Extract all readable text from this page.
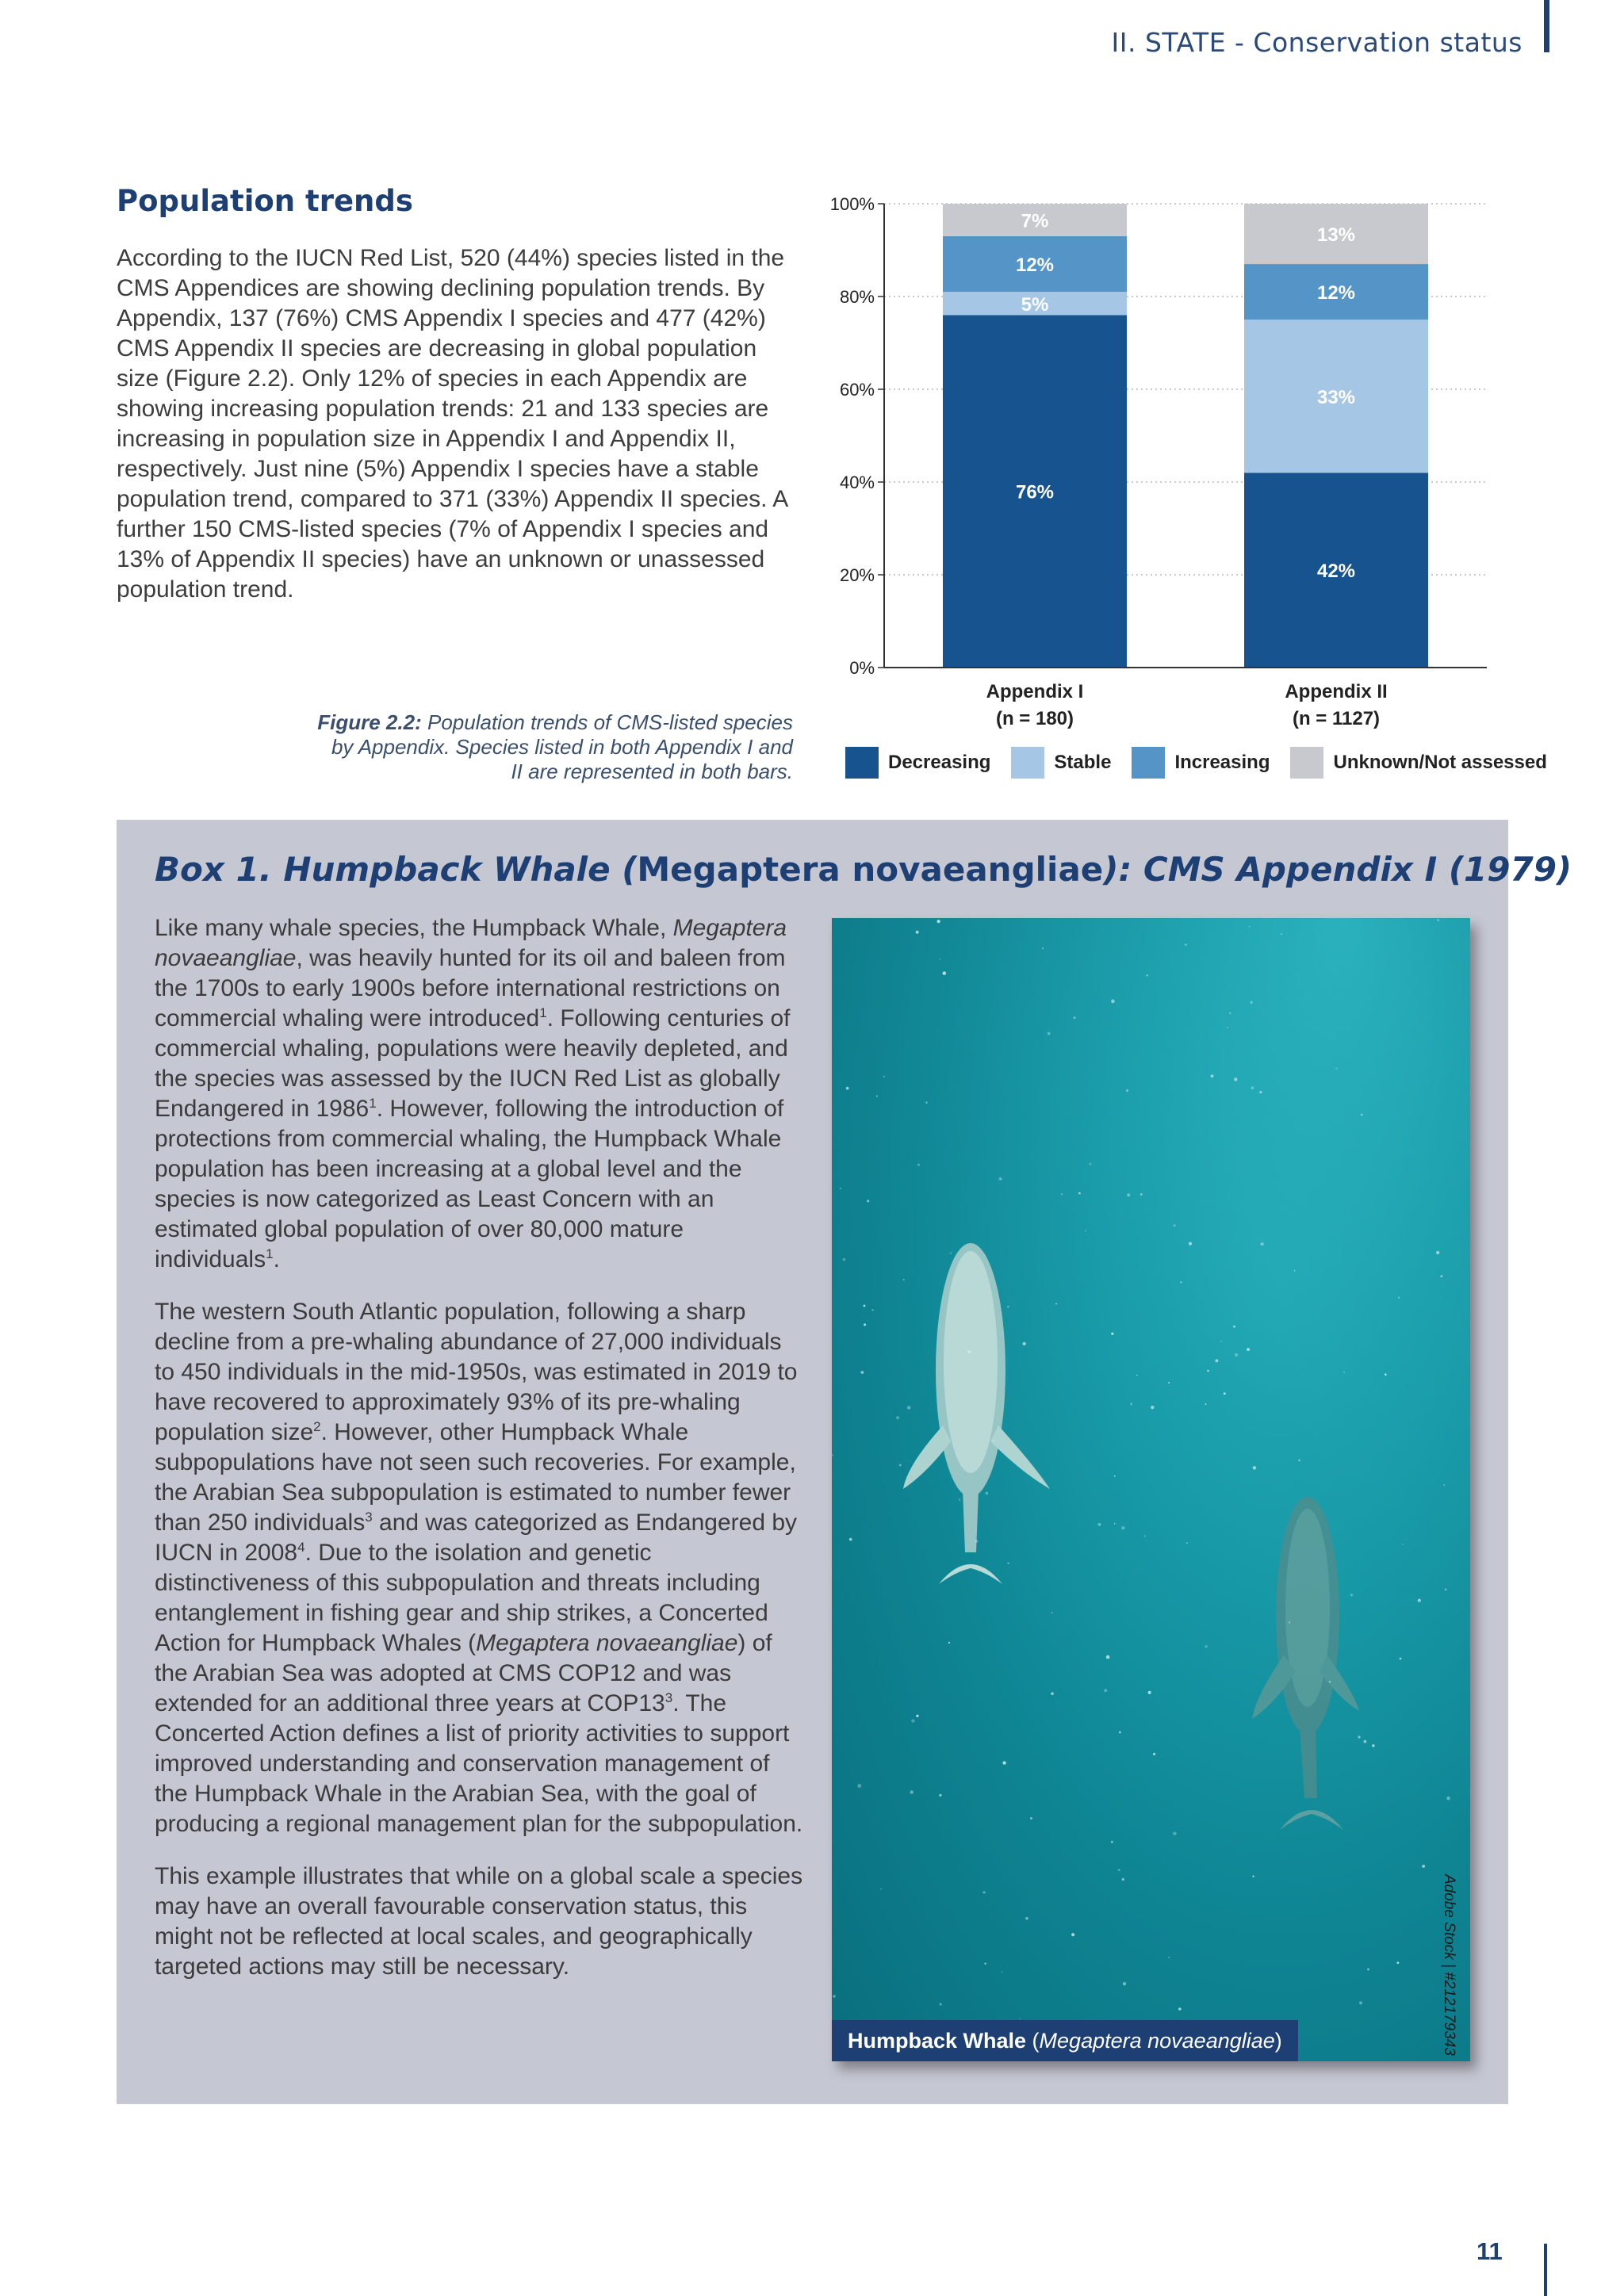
II. STATE - Conservation status
Population trends

According to the IUCN Red List, 520 (44%) species listed in the CMS Appendices are showing declining population trends. By Appendix, 137 (76%) CMS Appendix I species and 477 (42%) CMS Appendix II species are decreasing in global population size (Figure 2.2). Only 12% of species in each Appendix are showing increasing population trends: 21 and 133 species are increasing in population size in Appendix I and Appendix II, respectively. Just nine (5%) Appendix I species have a stable population trend, compared to 371 (33%) Appendix II species. A further 150 CMS-listed species (7% of Appendix I species and 13% of Appendix II species) have an unknown or unassessed population trend.

0%
20%
40%
60%
80%
100%
76%
5%
12%
7%
Appendix I
(n = 180)
42%
33%
12%
13%
Appendix II
(n = 1127)
Decreasing	Stable	Increasing	Unknown/Not assessed
Figure 2.2: Population trends of CMS-listed species by Appendix. Species listed in both Appendix I and II are represented in both bars.
Box 1. Humpback Whale (Megaptera novaeangliae): CMS Appendix I (1979)

Like many whale species, the Humpback Whale, Megaptera novaeangliae, was heavily hunted for its oil and baleen from the 1700s to early 1900s before international restrictions on commercial whaling were introduced$^1$. Following centuries of commercial whaling, populations were heavily depleted, and the species was assessed by the IUCN Red List as globally Endangered in 1986$^1$. However, following the introduction of protections from commercial whaling, the Humpback Whale population has been increasing at a global level and the species is now categorized as Least Concern with an estimated global population of over 80,000 mature individuals$^1$.

The western South Atlantic population, following a sharp decline from a pre-whaling abundance of 27,000 individuals to 450 individuals in the mid-1950s, was estimated in 2019 to have recovered to approximately 93% of its pre-whaling population size$^2$. However, other Humpback Whale subpopulations have not seen such recoveries. For example, the Arabian Sea subpopulation is estimated to number fewer than 250 individuals$^3$ and was categorized as Endangered by IUCN in 2008$^4$. Due to the isolation and genetic distinctiveness of this subpopulation and threats including entanglement in fishing gear and ship strikes, a Concerted Action for Humpback Whales (Megaptera novaeangliae) of the Arabian Sea was adopted at CMS COP12 and was extended for an additional three years at $COP13^3$. The Concerted Action defines a list of priority activities to support improved understanding and conservation management of the Humpback Whale in the Arabian Sea, with the goal of producing a regional management plan for the subpopulation.

This example illustrates that while on a global scale a species may have an overall favourable conservation status, this might not be reflected at local scales, and geographically targeted actions may still be necessary.

Humpback Whale (Megaptera novaeangliae)	Adobe Stock | #212179343
11
